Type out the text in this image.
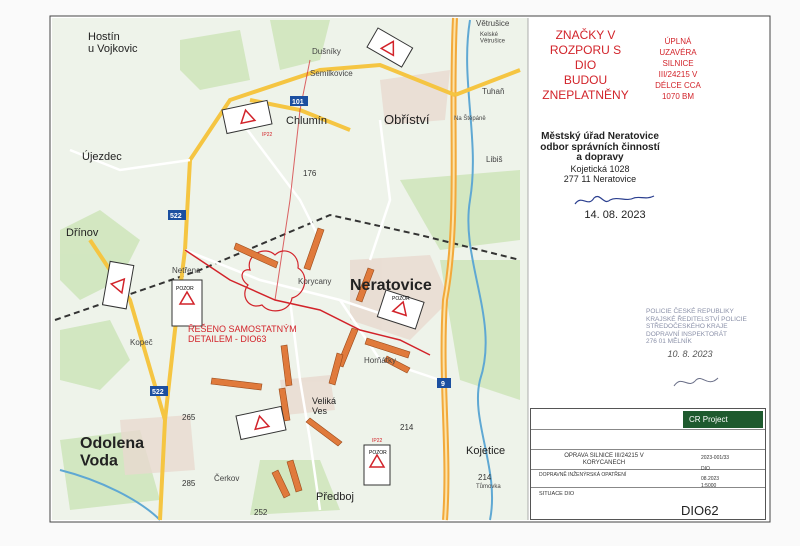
POZOR
POZOR
POZOR
IP22
IP22
101
522
522
9
Hostín u Vojkovic	Dušníky
Semilkovice
Chlumín	Obříství
Tuhaň
Větrušice
Kelské Větrušice
Na Štěpáně
Libiš
Újezdec
Dřínov
Netřena
Korycany Neratovice
Kopeč
Veliká Ves
Horňátky
Odolena Voda
Čerkov
Předboj
Kojetice
Tůmovka
176
265
285
252
214
214
ŘEŠENO SAMOSTATNÝM DETAILEM - DIO63
ZNAČKY V
ROZPORU S
DIO
BUDOU
ZNEPLATNĚNY
ÚPLNÁ
UZAVÉRA
SILNICE
III/24215 V
DÉLCE CCA
1070 BM
Městský úřad Neratovice
odbor správních činností
a dopravy
Kojetická 1028
277 11 Neratovice
14. 08. 2023
POLICIE ČESKÉ REPUBLIKY
KRAJSKÉ ŘEDITELSTVÍ POLICIE
STŘEDOČESKÉHO KRAJE
DOPRAVNÍ INSPEKTORÁT
276 01 MĚLNÍK
10. 8. 2023
CR Project
OPRAVA SILNICE III/24215 V
KORYCANECH
DOPRAVNĚ INŽENÝRSKÁ OPATŘENÍ
SITUACE DIO
2023-001/33
DIO
08.2023
1:5000
DIO62
